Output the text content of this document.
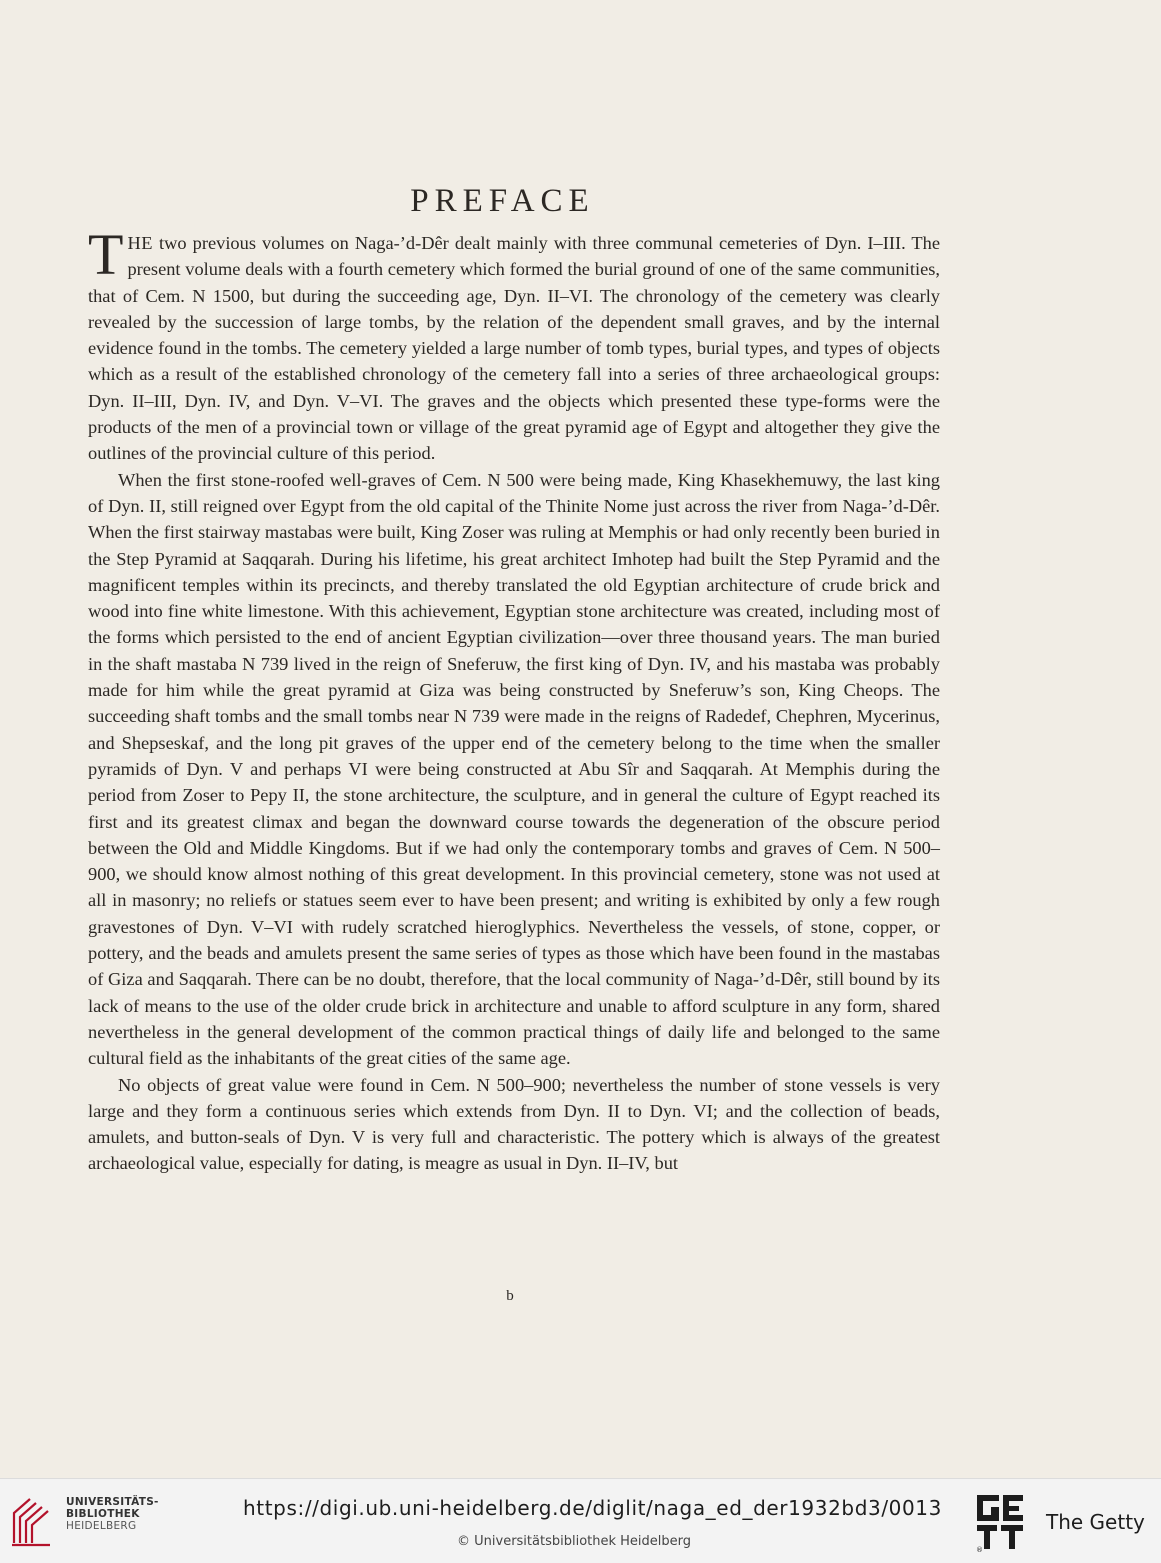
PREFACE

THE two previous volumes on Naga-’d-Dêr dealt mainly with three communal cemeteries of Dyn. I–III. The present volume deals with a fourth cemetery which formed the burial ground of one of the same communities, that of Cem. N 1500, but during the succeeding age, Dyn. II–VI. The chronology of the cemetery was clearly revealed by the succession of large tombs, by the relation of the dependent small graves, and by the internal evidence found in the tombs. The cemetery yielded a large number of tomb types, burial types, and types of objects which as a result of the established chronology of the cemetery fall into a series of three archaeological groups: Dyn. II–III, Dyn. IV, and Dyn. V–VI. The graves and the objects which presented these type-forms were the products of the men of a provincial town or village of the great pyramid age of Egypt and altogether they give the outlines of the provincial culture of this period.

When the first stone-roofed well-graves of Cem. N 500 were being made, King Khasekhemuwy, the last king of Dyn. II, still reigned over Egypt from the old capital of the Thinite Nome just across the river from Naga-’d-Dêr. When the first stairway mastabas were built, King Zoser was ruling at Memphis or had only recently been buried in the Step Pyramid at Saqqarah. During his lifetime, his great architect Imhotep had built the Step Pyramid and the magnificent temples within its precincts, and thereby translated the old Egyptian architecture of crude brick and wood into fine white limestone. With this achievement, Egyptian stone architecture was created, including most of the forms which persisted to the end of ancient Egyptian civilization—over three thousand years. The man buried in the shaft mastaba N 739 lived in the reign of Sneferuw, the first king of Dyn. IV, and his mastaba was probably made for him while the great pyramid at Giza was being constructed by Sneferuw’s son, King Cheops. The succeeding shaft tombs and the small tombs near N 739 were made in the reigns of Radedef, Chephren, Mycerinus, and Shepseskaf, and the long pit graves of the upper end of the cemetery belong to the time when the smaller pyramids of Dyn. V and perhaps VI were being constructed at Abu Sîr and Saqqarah. At Memphis during the period from Zoser to Pepy II, the stone architecture, the sculpture, and in general the culture of Egypt reached its first and its greatest climax and began the downward course towards the degeneration of the obscure period between the Old and Middle Kingdoms. But if we had only the contemporary tombs and graves of Cem. N 500–900, we should know almost nothing of this great development. In this provincial cemetery, stone was not used at all in masonry; no reliefs or statues seem ever to have been present; and writing is exhibited by only a few rough gravestones of Dyn. V–VI with rudely scratched hieroglyphics. Nevertheless the vessels, of stone, copper, or pottery, and the beads and amulets present the same series of types as those which have been found in the mastabas of Giza and Saqqarah. There can be no doubt, therefore, that the local community of Naga-’d-Dêr, still bound by its lack of means to the use of the older crude brick in architecture and unable to afford sculpture in any form, shared nevertheless in the general development of the common practical things of daily life and belonged to the same cultural field as the inhabitants of the great cities of the same age.

No objects of great value were found in Cem. N 500–900; nevertheless the number of stone vessels is very large and they form a continuous series which extends from Dyn. II to Dyn. VI; and the collection of beads, amulets, and button-seals of Dyn. V is very full and characteristic. The pottery which is always of the greatest archaeological value, especially for dating, is meagre as usual in Dyn. II–IV, but

b
UNIVERSITÄTS-
BIBLIOTHEK
HEIDELBERG
https://digi.ub.uni-heidelberg.de/diglit/naga_ed_der1932bd3/0013
© Universitätsbibliothek Heidelberg
®
The Getty
